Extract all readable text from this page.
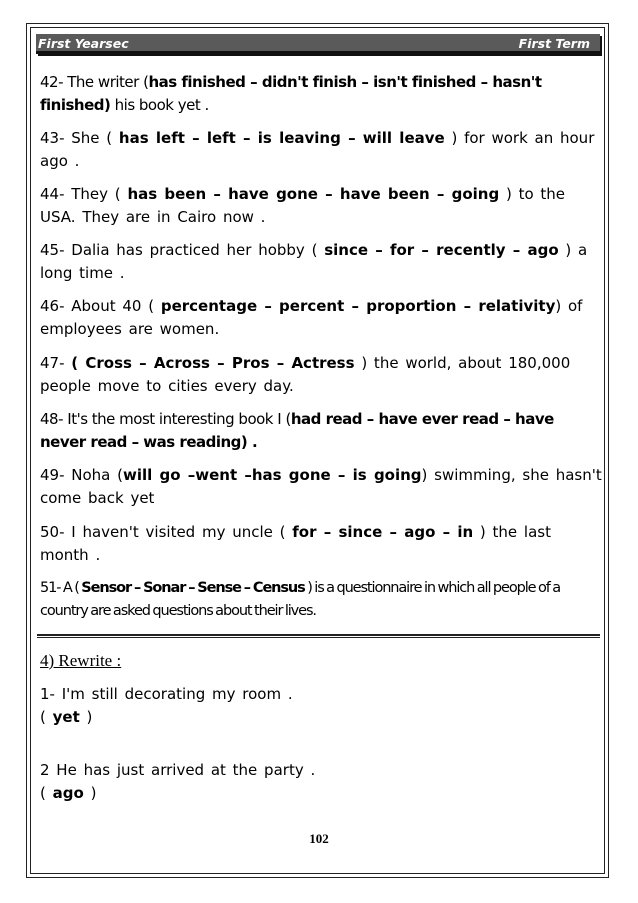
First Yearsec	First Term
42- The writer (has finished – didn't finish – isn't finished – hasn't finished) his book yet .
43- She ( has left – left – is leaving – will leave ) for work an hour ago .
44- They ( has been – have gone – have been – going ) to the USA. They are in Cairo now .
45- Dalia has practiced her hobby ( since – for – recently – ago ) a long time .
46- About 40 ( percentage – percent – proportion – relativity) of employees are women.
47- ( Cross – Across – Pros – Actress ) the world, about 180,000 people move to cities every day.
48- It's the most interesting book I (had read – have ever read – have never read – was reading) .
49- Noha (will go –went –has gone – is going) swimming, she hasn't come back yet
50- I haven't visited my uncle ( for – since – ago – in ) the last month .
51- A ( Sensor – Sonar – Sense – Census ) is a questionnaire in which all people of a country are asked questions about their lives.
4) Rewrite :
1- I'm still decorating my room .
( yet )
2 He has just arrived at the party .
( ago )
102
